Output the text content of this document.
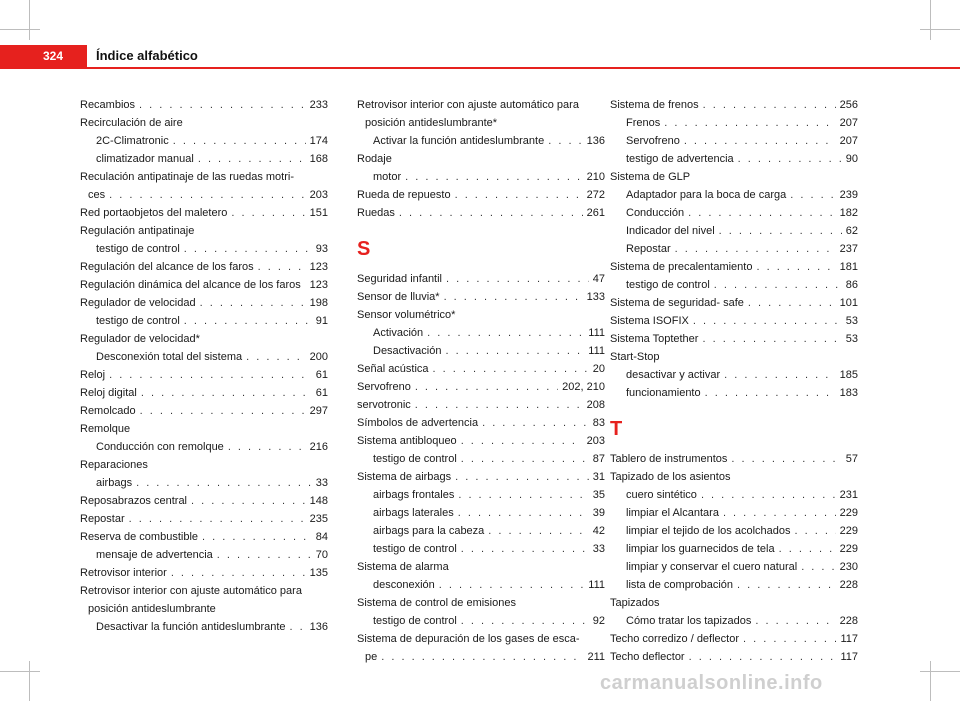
324	Índice alfabético
Recambios . . .	233
Recirculación de aire
2C-Climatronic . . .	174
climatizador manual . . .	168
Reculación antipatinaje de las ruedas motri-
ces . . .	203
Red portaobjetos del maletero . . .	151
Regulación antipatinaje
testigo de control . . .	93
Regulación del alcance de los faros . . .	123
Regulación dinámica del alcance de los faros 123
Regulador de velocidad . . .	198
testigo de control . . .	91
Regulador de velocidad*
Desconexión total del sistema . . .	200
Reloj . . .	61
Reloj digital . . .	61
Remolcado . . .	297
Remolque
Conducción con remolque . . .	216
Reparaciones
airbags . . .	33
Reposabrazos central . . .	148
Repostar . . .	235
Reserva de combustible . . .	84
mensaje de advertencia . . .	70
Retrovisor interior . . .	135
Retrovisor interior con ajuste automático para
posición antideslumbrante
Desactivar la función antideslumbrante . . . 136
Retrovisor interior con ajuste automático para
posición antideslumbrante*
Activar la función antideslumbrante . . .	136
Rodaje
motor . . .	210
Rueda de repuesto . . .	272
Ruedas . . .	261
S
Seguridad infantil . . .	47
Sensor de lluvia* . . .	133
Sensor volumétrico*
Activación . . .	111
Desactivación . . .	111
Señal acústica . . .	20
Servofreno . . .	202, 210
servotronic . . .	208
Símbolos de advertencia . . .	83
Sistema antibloqueo . . .	203
testigo de control . . .	87
Sistema de airbags . . .	31
airbags frontales . . .	35
airbags laterales . . .	39
airbags para la cabeza . . .	42
testigo de control . . .	33
Sistema de alarma
desconexión . . .	111
Sistema de control de emisiones
testigo de control . . .	92
Sistema de depuración de los gases de esca-
pe . . .	211
Sistema de frenos . . .	256
Frenos . . .	207
Servofreno . . .	207
testigo de advertencia . . .	90
Sistema de GLP
Adaptador para la boca de carga . . .	239
Conducción . . .	182
Indicador del nivel . . .	62
Repostar . . .	237
Sistema de precalentamiento . . .	181
testigo de control . . .	86
Sistema de seguridad- safe . . .	101
Sistema ISOFIX . . .	53
Sistema Toptether . . .	53
Start-Stop
desactivar y activar . . .	185
funcionamiento . . .	183
T
Tablero de instrumentos . . .	57
Tapizado de los asientos
cuero sintético . . .	231
limpiar el Alcantara . . .	229
limpiar el tejido de los acolchados . . .	229
limpiar los guarnecidos de tela . . .	229
limpiar y conservar el cuero natural . . .	230
lista de comprobación . . .	228
Tapizados
Cómo tratar los tapizados . . .	228
Techo corredizo / deflector . . .	117
Techo deflector . . .	117
carmanualsonline.info
